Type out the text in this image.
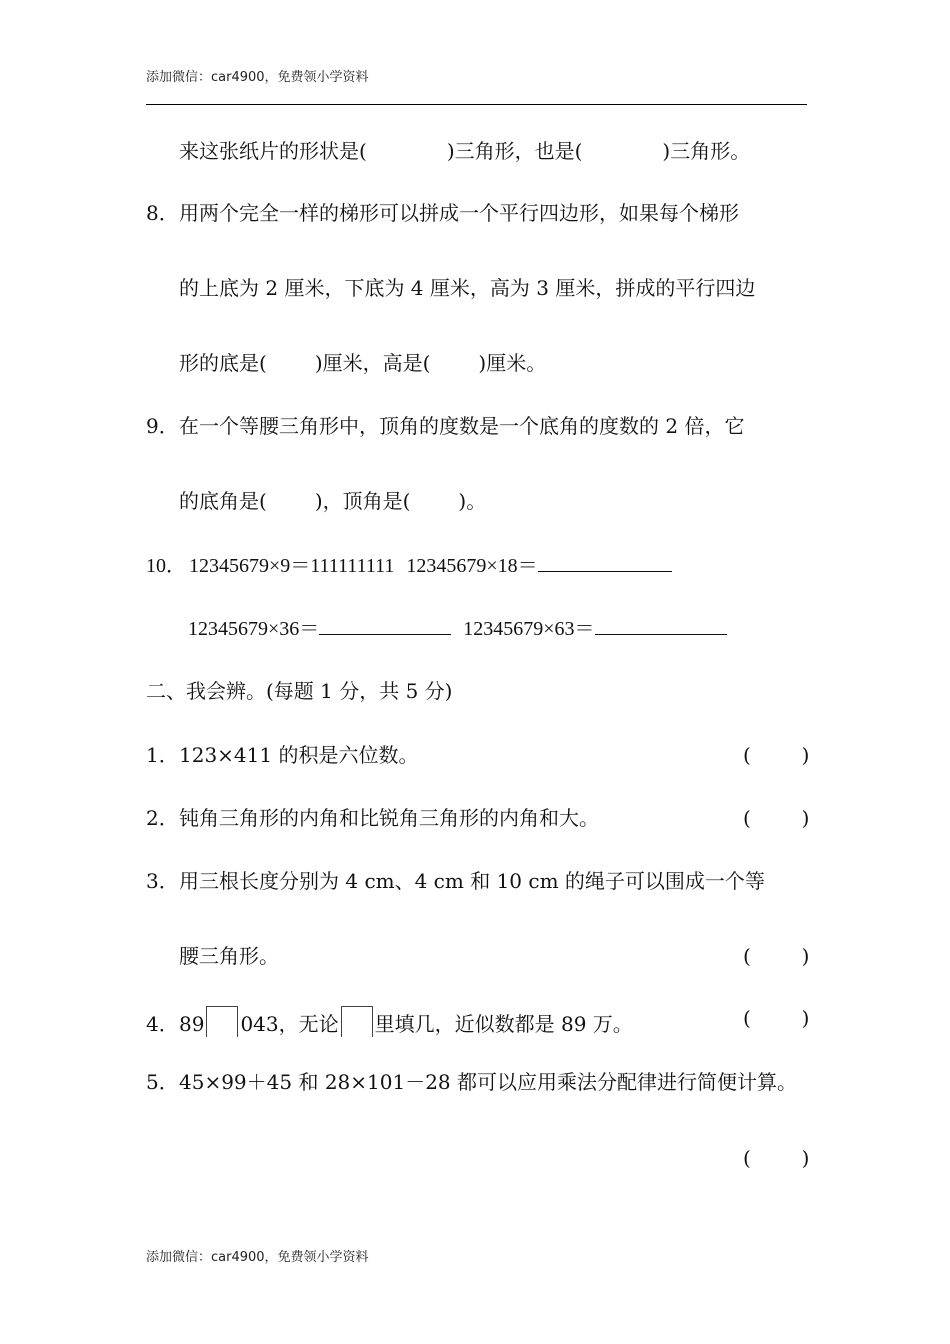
添加微信：car4900，免费领小学资料
来这张纸片的形状是(	)三角形，也是(	)三角形。
8．用两个完全一样的梯形可以拼成一个平行四边形，如果每个梯形
的上底为 2 厘米，下底为 4 厘米，高为 3 厘米，拼成的平行四边
形的底是( )厘米，高是( )厘米。
9．在一个等腰三角形中，顶角的度数是一个底角的度数的 2 倍，它
的底角是( )，顶角是( )。
10． 12345679×9＝111111111 12345679×18＝
12345679×36＝	12345679×63＝
二、我会辨。(每题 1 分，共 5 分)
1．123×411 的积是六位数。	(        )
2．钝角三角形的内角和比锐角三角形的内角和大。	(        )
3．用三根长度分别为 4 cm、4 cm 和 10 cm 的绳子可以围成一个等
腰三角形。	(        )
4．89 043，无论 里填几，近似数都是 89 万。	(        )
5．45×99＋45 和 28×101－28 都可以应用乘法分配律进行简便计算。
(        )
添加微信：car4900，免费领小学资料
